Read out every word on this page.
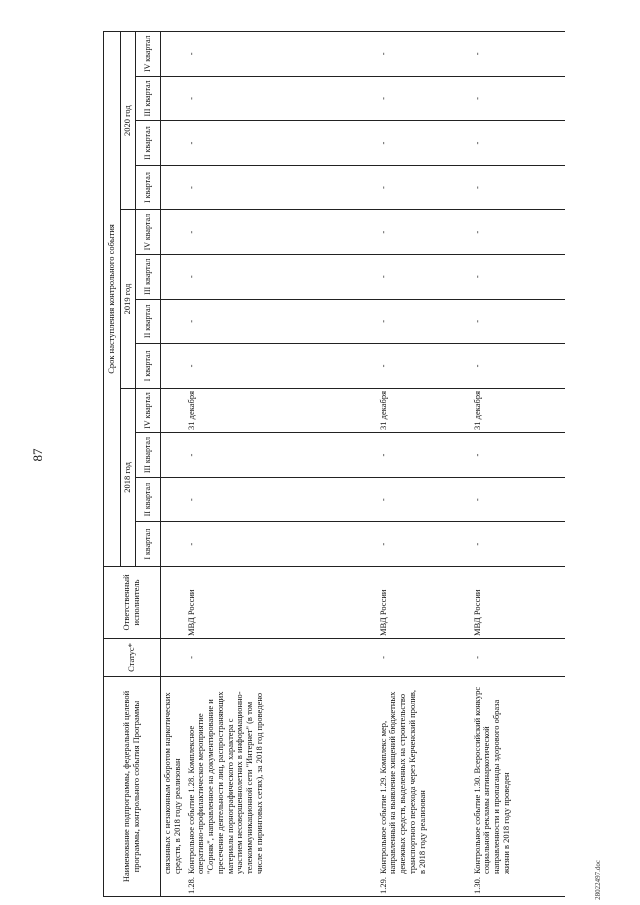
87
28022497.doc
Наименование подпрограммы, федеральной целевой программы, контрольного события Программы	Статус*	Ответственный исполнитель	Срок наступления контрольного события											
			2018 год				2019 год				2020 год			
			I квартал	II квартал	III квартал	IV квартал	I квартал	II квартал	III квартал	IV квартал	I квартал	II квартал	III квартал	IV квартал
связанных с незаконным оборотом наркотических средств, в 2018 году реализован														
1.28.Контрольное событие 1.28. Комплексное оперативно-профилактическое мероприятие "Сорняк", направленное на документирование и пресечение деятельности лиц, распространяющих материалы порнографического характера с участием несовершеннолетних в информационно-телекоммуникационной сети "Интернет" (в том числе в пиринговых сетях), за 2018 год проведено	-	МВД России	-	-	-	31 декабря	-	-	-	-	-	-	-	-
1.29.Контрольное событие 1.29. Комплекс мер, направленный на выявление хищений бюджетных денежных средств, выделенных на строительство транспортного перехода через Керченский пролив, в 2018 году реализован	-	МВД России	-	-	-	31 декабря	-	-	-	-	-	-	-	-
1.30.Контрольное событие 1.30. Всероссийский конкурс социальной рекламы антинаркотической направленности и пропаганды здорового образа жизни в 2018 году проведен	-	МВД России	-	-	-	31 декабря	-	-	-	-	-	-	-	-
